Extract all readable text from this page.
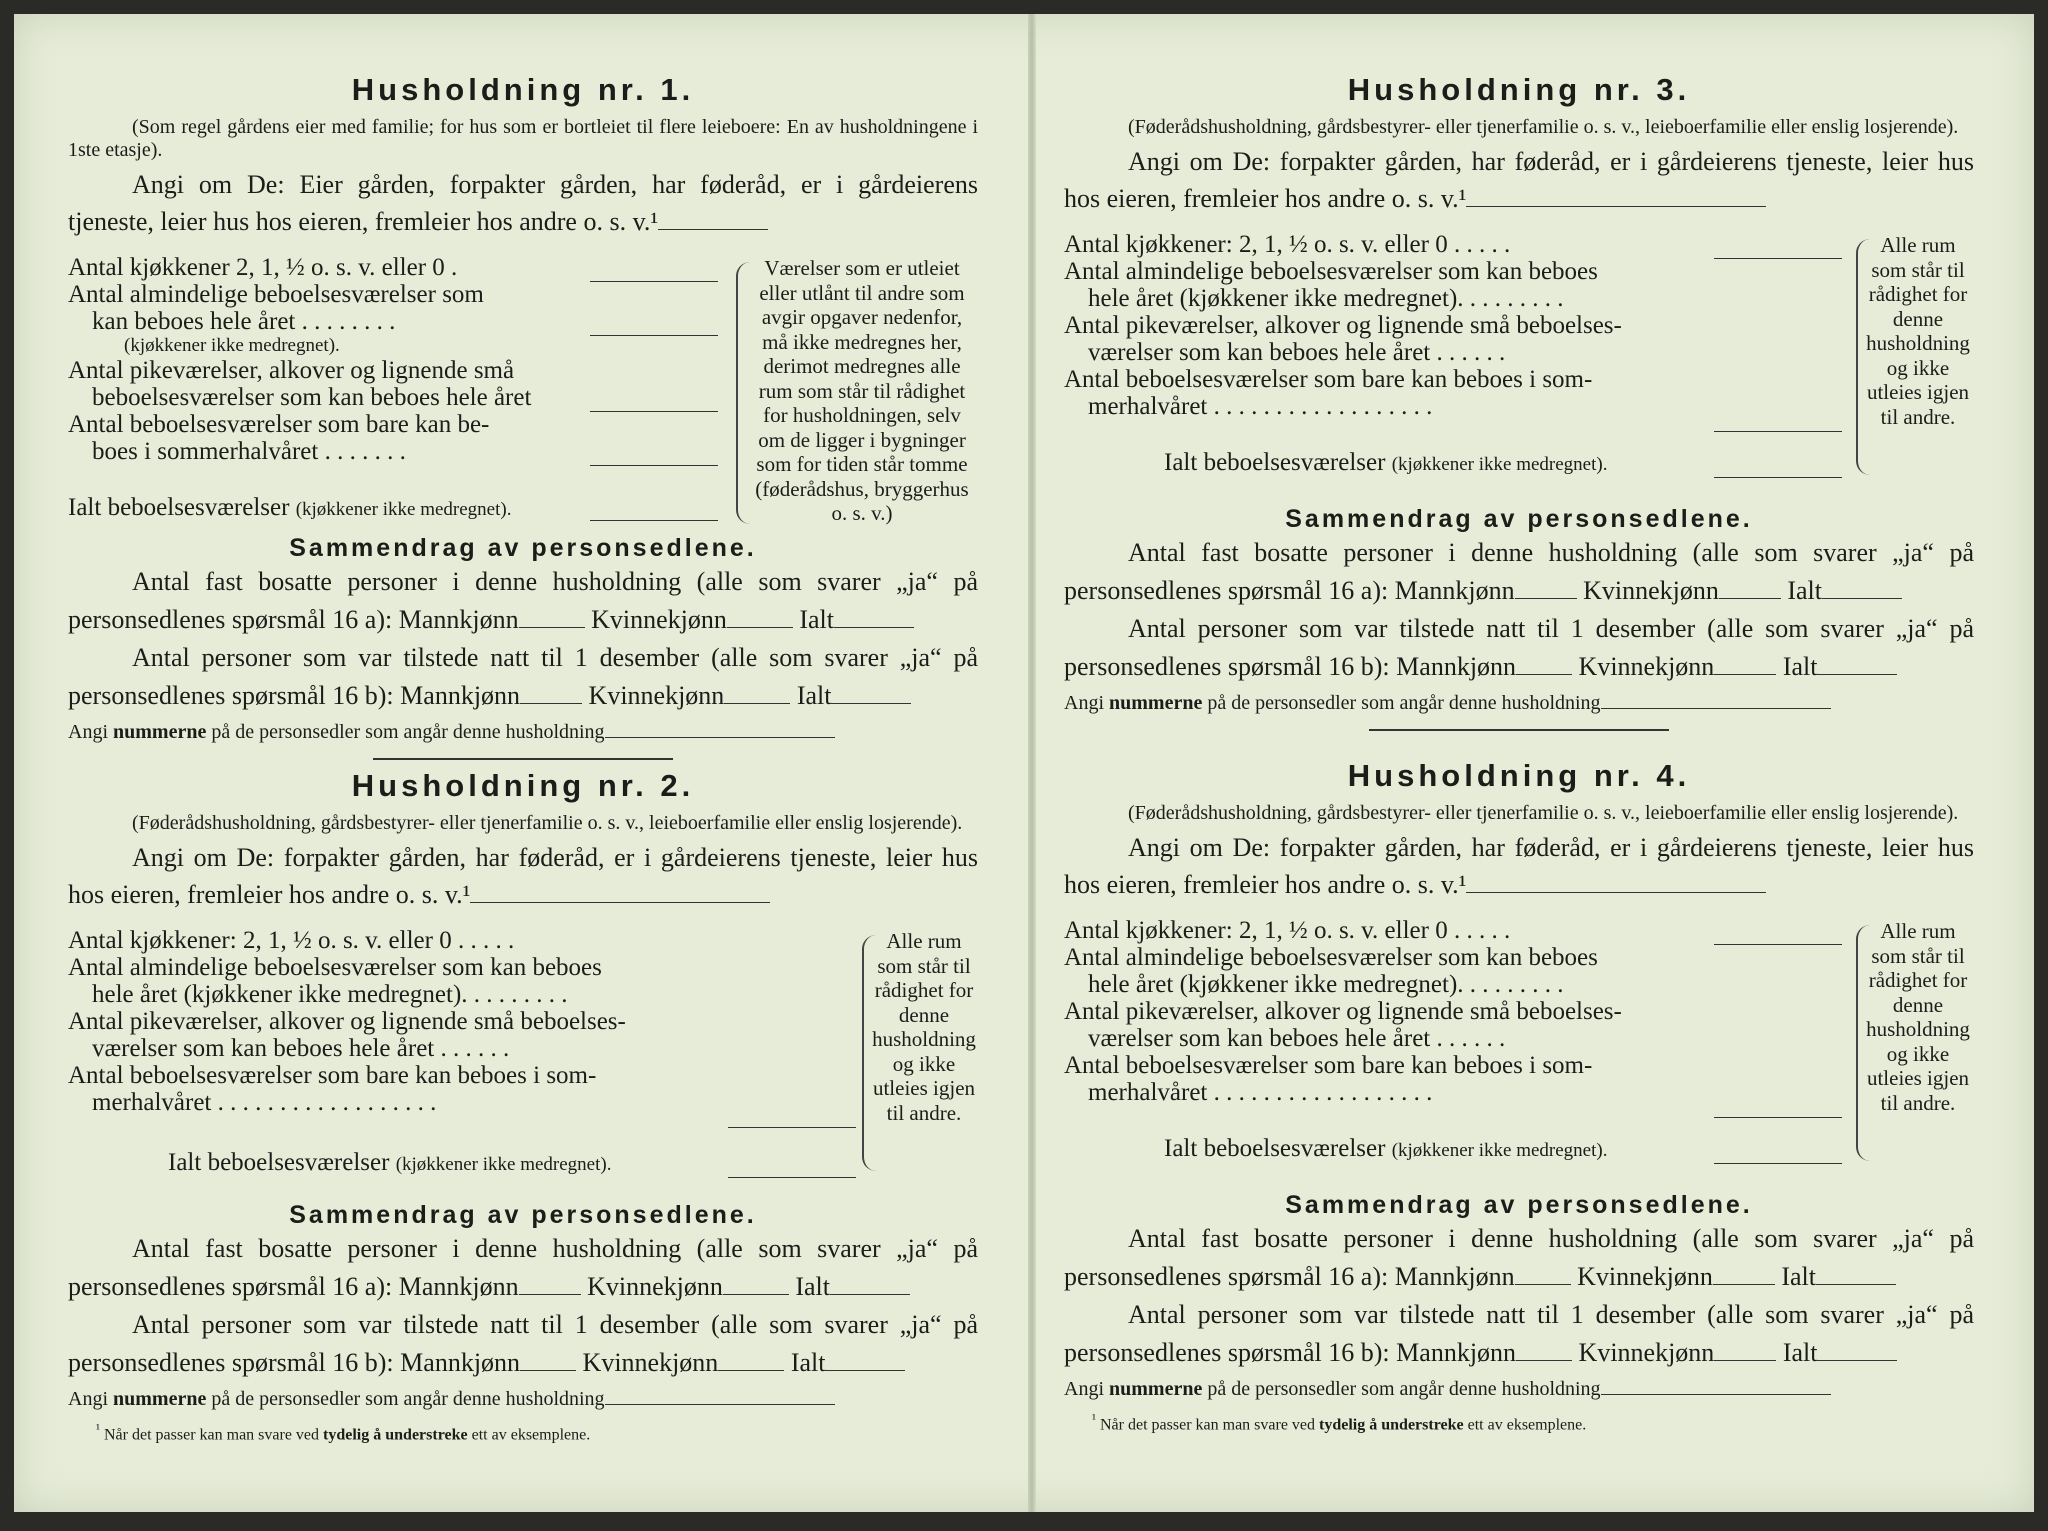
Husholdning nr. 1.

(Som regel gårdens eier med familie; for hus som er bortleiet til flere leieboere: En av husholdningene i 1ste etasje).

Angi om De: Eier gården, forpakter gården, har føderåd, er i gårdeierens tjeneste, leier hus hos eieren, fremleier hos andre o. s. v.¹

Antal kjøkkener 2, 1, ½ o. s. v. eller 0 .
Antal almindelige beboelsesværelser som
kan beboes hele året . . . . . . . .
(kjøkkener ikke medregnet).
Antal pikeværelser, alkover og lignende små
beboelsesværelser som kan beboes hele året
Antal beboelsesværelser som bare kan be-
boes i sommerhalvåret . . . . . . .
Ialt beboelsesværelser (kjøkkener ikke medregnet).
Værelser som er utleiet eller utlånt til andre som avgir opgaver nedenfor, må ikke medregnes her, derimot medregnes alle rum som står til rådighet for husholdningen, selv om de ligger i bygninger som for tiden står tomme (føderådshus, bryggerhus o. s. v.)
Sammendrag av personsedlene.

Antal fast bosatte personer i denne husholdning (alle som svarer „ja“ på personsedlenes spørsmål 16 a): Mannkjønn	Kvinnekjønn	Ialt

Antal personer som var tilstede natt til 1 desember (alle som svarer „ja“ på personsedlenes spørsmål 16 b): Mannkjønn	Kvinnekjønn	Ialt

Angi nummerne på de personsedler som angår denne husholdning
Husholdning nr. 2.

(Føderådshusholdning, gårdsbestyrer- eller tjenerfamilie o. s. v., leieboerfamilie eller enslig losjerende).

Angi om De: forpakter gården, har føderåd, er i gårdeierens tjeneste, leier hus hos eieren, fremleier hos andre o. s. v.¹

Antal kjøkkener: 2, 1, ½ o. s. v. eller 0 . . . . .
Antal almindelige beboelsesværelser som kan beboes
hele året (kjøkkener ikke medregnet). . . . . . . . .
Antal pikeværelser, alkover og lignende små beboelses-
værelser som kan beboes hele året . . . . . .
Antal beboelsesværelser som bare kan beboes i som-
merhalvåret . . . . . . . . . . . . . . . . . .
Ialt beboelsesværelser (kjøkkener ikke medregnet).
Alle rum som står til rådighet for denne husholdning og ikke utleies igjen til andre.
Sammendrag av personsedlene.

Antal fast bosatte personer i denne husholdning (alle som svarer „ja“ på personsedlenes spørsmål 16 a): Mannkjønn	Kvinnekjønn	Ialt

Antal personer som var tilstede natt til 1 desember (alle som svarer „ja“ på personsedlenes spørsmål 16 b): Mannkjønn Kvinnekjønn	Ialt

Angi nummerne på de personsedler som angår denne husholdning
$^{^1}$ Når det passer kan man svare ved tydelig å understreke ett av eksemplene.
Husholdning nr. 3.

(Føderådshusholdning, gårdsbestyrer- eller tjenerfamilie o. s. v., leieboerfamilie eller enslig losjerende).

Angi om De: forpakter gården, har føderåd, er i gårdeierens tjeneste, leier hus hos eieren, fremleier hos andre o. s. v.¹

Antal kjøkkener: 2, 1, ½ o. s. v. eller 0 . . . . .
Antal almindelige beboelsesværelser som kan beboes
hele året (kjøkkener ikke medregnet). . . . . . . . .
Antal pikeværelser, alkover og lignende små beboelses-
værelser som kan beboes hele året . . . . . .
Antal beboelsesværelser som bare kan beboes i som-
merhalvåret . . . . . . . . . . . . . . . . . .
Ialt beboelsesværelser (kjøkkener ikke medregnet).
Alle rum som står til rådighet for denne husholdning og ikke utleies igjen til andre.
Sammendrag av personsedlene.

Antal fast bosatte personer i denne husholdning (alle som svarer „ja“ på personsedlenes spørsmål 16 a): Mannkjønn	Kvinnekjønn	Ialt

Antal personer som var tilstede natt til 1 desember (alle som svarer „ja“ på personsedlenes spørsmål 16 b): Mannkjønn Kvinnekjønn	Ialt

Angi nummerne på de personsedler som angår denne husholdning
Husholdning nr. 4.

(Føderådshusholdning, gårdsbestyrer- eller tjenerfamilie o. s. v., leieboerfamilie eller enslig losjerende).

Angi om De: forpakter gården, har føderåd, er i gårdeierens tjeneste, leier hus hos eieren, fremleier hos andre o. s. v.¹

Antal kjøkkener: 2, 1, ½ o. s. v. eller 0 . . . . .
Antal almindelige beboelsesværelser som kan beboes
hele året (kjøkkener ikke medregnet). . . . . . . . .
Antal pikeværelser, alkover og lignende små beboelses-
værelser som kan beboes hele året . . . . . .
Antal beboelsesværelser som bare kan beboes i som-
merhalvåret . . . . . . . . . . . . . . . . . .
Ialt beboelsesværelser (kjøkkener ikke medregnet).
Alle rum som står til rådighet for denne husholdning og ikke utleies igjen til andre.
Sammendrag av personsedlene.

Antal fast bosatte personer i denne husholdning (alle som svarer „ja“ på personsedlenes spørsmål 16 a): Mannkjønn Kvinnekjønn	Ialt

Antal personer som var tilstede natt til 1 desember (alle som svarer „ja“ på personsedlenes spørsmål 16 b): Mannkjønn Kvinnekjønn	Ialt

Angi nummerne på de personsedler som angår denne husholdning
$^{^1}$ Når det passer kan man svare ved tydelig å understreke ett av eksemplene.
